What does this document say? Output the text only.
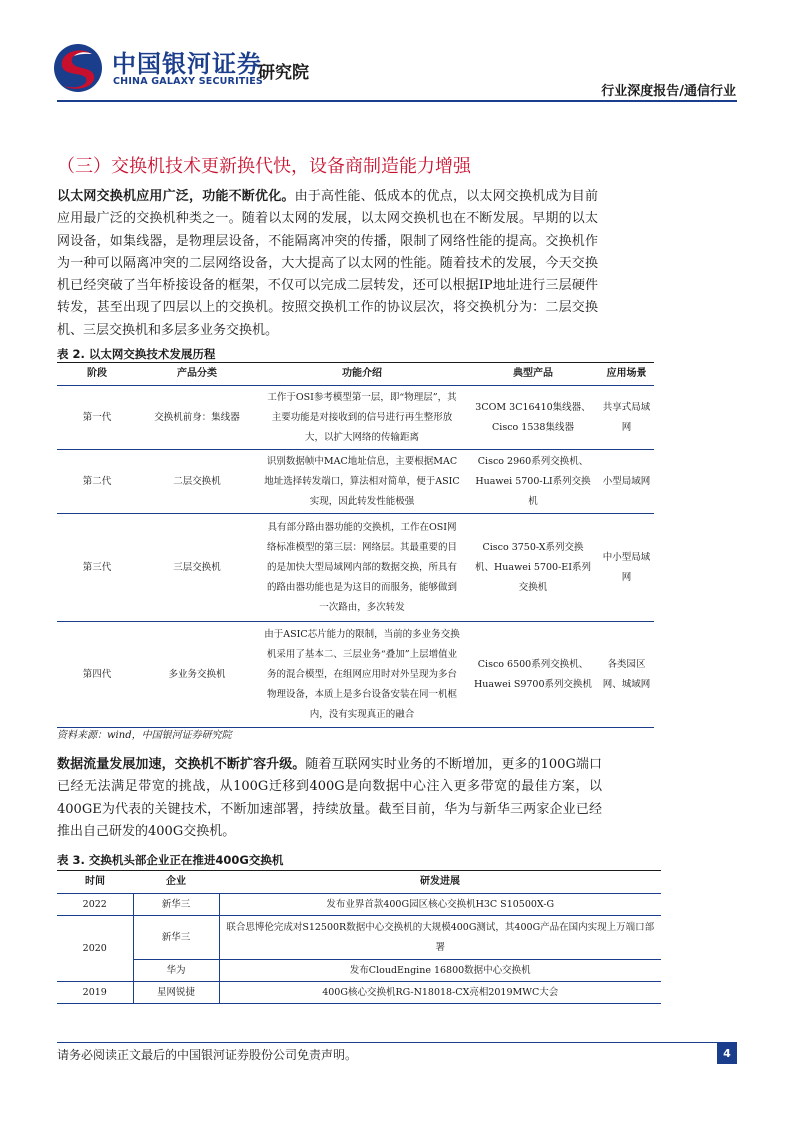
中国银河证券
CHINA GALAXY SECURITIES
研究院
行业深度报告/通信行业
（三）交换机技术更新换代快，设备商制造能力增强
以太网交换机应用广泛，功能不断优化。由于高性能、低成本的优点，以太网交换机成为目前应用最广泛的交换机种类之一。随着以太网的发展，以太网交换机也在不断发展。早期的以太网设备，如集线器，是物理层设备，不能隔离冲突的传播，限制了网络性能的提高。交换机作为一种可以隔离冲突的二层网络设备，大大提高了以太网的性能。随着技术的发展，今天交换机已经突破了当年桥接设备的框架，不仅可以完成二层转发，还可以根据IP地址进行三层硬件转发，甚至出现了四层以上的交换机。按照交换机工作的协议层次，将交换机分为：二层交换机、三层交换机和多层多业务交换机。
表 2. 以太网交换技术发展历程
阶段	产品分类	功能介绍	典型产品	应用场景
第一代	交换机前身：集线器	工作于OSI参考模型第一层，即“物理层”，其主要功能是对接收到的信号进行再生整形放大，以扩大网络的传输距离	3COM 3C16410集线器、Cisco 1538集线器	共享式局域网
第二代	二层交换机	识别数据帧中MAC地址信息，主要根据MAC地址选择转发端口，算法相对简单，便于ASIC实现，因此转发性能极强	Cisco 2960系列交换机、Huawei 5700-LI系列交换机	小型局域网
第三代	三层交换机	具有部分路由器功能的交换机，工作在OSI网络标准模型的第三层：网络层。其最重要的目的是加快大型局域网内部的数据交换，所具有的路由器功能也是为这目的而服务，能够做到一次路由，多次转发	Cisco 3750-X系列交换机、Huawei 5700-EI系列交换机	中小型局域网
第四代	多业务交换机	由于ASIC芯片能力的限制，当前的多业务交换机采用了基本二、三层业务“叠加”上层增值业务的混合模型，在组网应用时对外呈现为多台物理设备，本质上是多台设备安装在同一机框内，没有实现真正的融合	Cisco 6500系列交换机、Huawei S9700系列交换机	各类园区网、城域网
资料来源：wind，中国银河证券研究院
数据流量发展加速，交换机不断扩容升级。随着互联网实时业务的不断增加，更多的100G端口已经无法满足带宽的挑战，从100G迁移到400G是向数据中心注入更多带宽的最佳方案，以400GE为代表的关键技术，不断加速部署，持续放量。截至目前，华为与新华三两家企业已经推出自己研发的400G交换机。
表 3. 交换机头部企业正在推进400G交换机
时间	企业	研发进展
2022	新华三	发布业界首款400G园区核心交换机H3C S10500X-G
2020	新华三	联合思博伦完成对S12500R数据中心交换机的大规模400G测试，其400G产品在国内实现上万端口部署
	华为	发布CloudEngine 16800数据中心交换机
2019	星网锐捷	400G核心交换机RG-N18018-CX亮相2019MWC大会
请务必阅读正文最后的中国银河证券股份公司免责声明。	4
